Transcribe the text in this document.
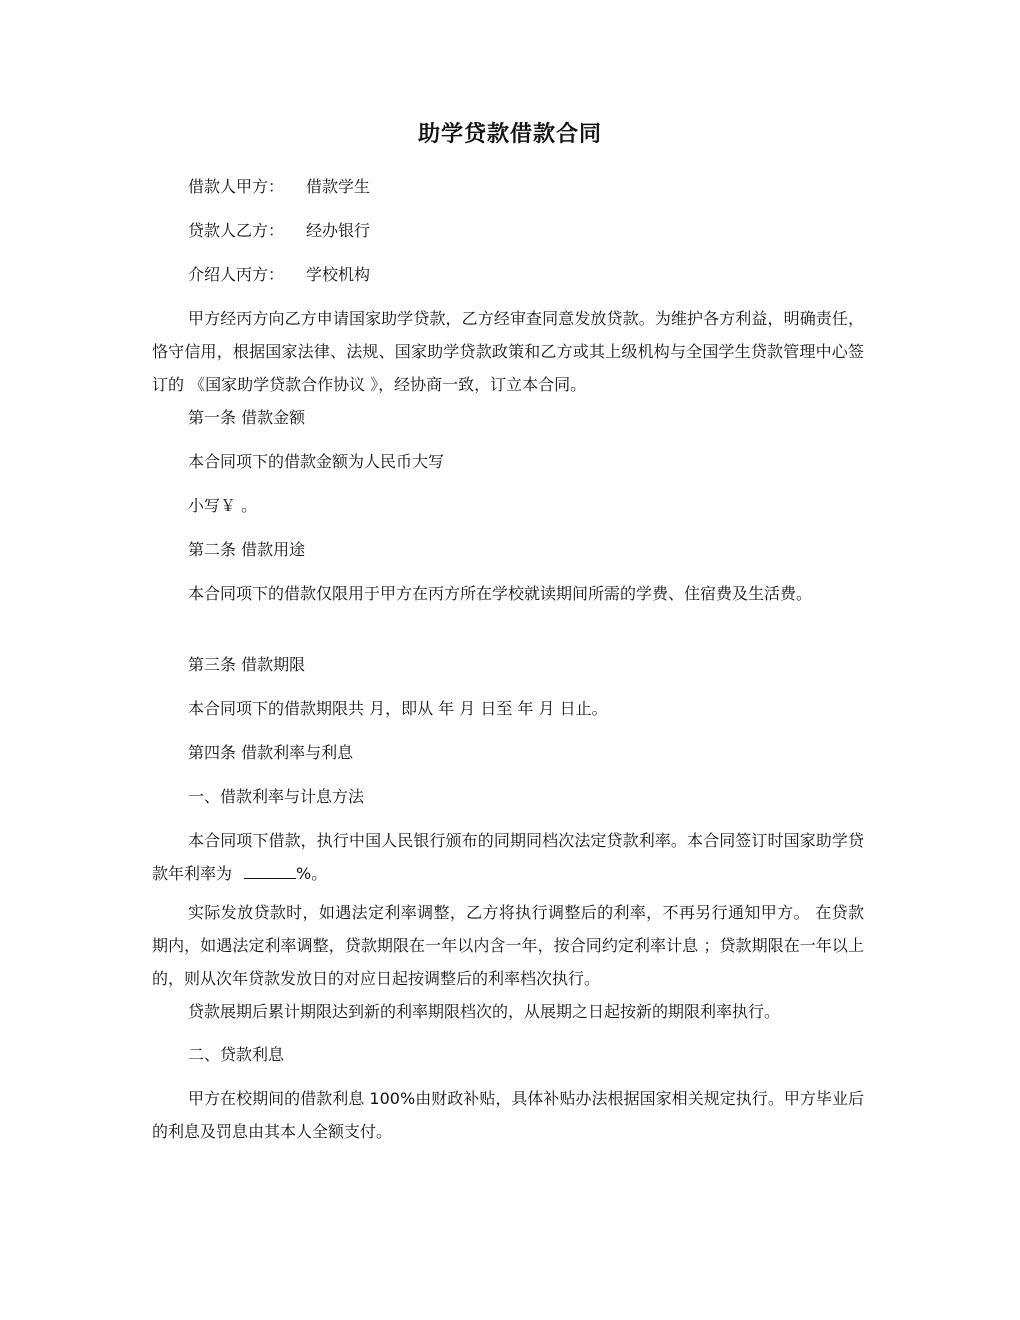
助学贷款借款合同
借款人甲方： 借款学生
贷款人乙方： 经办银行
介绍人丙方： 学校机构
甲方经丙方向乙方申请国家助学贷款，乙方经审查同意发放贷款。为维护各方利益，明确责任，恪守信用，根据国家法律、法规、国家助学贷款政策和乙方或其上级机构与全国学生贷款管理中心签订的 《国家助学贷款合作协议 》，经协商一致，订立本合同。
第一条 借款金额
本合同项下的借款金额为人民币大写
小写￥ 。
第二条 借款用途
本合同项下的借款仅限用于甲方在丙方所在学校就读期间所需的学费、住宿费及生活费。
第三条 借款期限
本合同项下的借款期限共 月，即从 年 月 日至 年 月 日止。
第四条 借款利率与利息
一、借款利率与计息方法
本合同项下借款，执行中国人民银行颁布的同期同档次法定贷款利率。本合同签订时国家助学贷款年利率为	%。
实际发放贷款时，如遇法定利率调整，乙方将执行调整后的利率，不再另行通知甲方。 在贷款期内，如遇法定利率调整，贷款期限在一年以内含一年，按合同约定利率计息 ；贷款期限在一年以上的，则从次年贷款发放日的对应日起按调整后的利率档次执行。
贷款展期后累计期限达到新的利率期限档次的，从展期之日起按新的期限利率执行。
二、贷款利息
甲方在校期间的借款利息 100%由财政补贴，具体补贴办法根据国家相关规定执行。甲方毕业后的利息及罚息由其本人全额支付。
